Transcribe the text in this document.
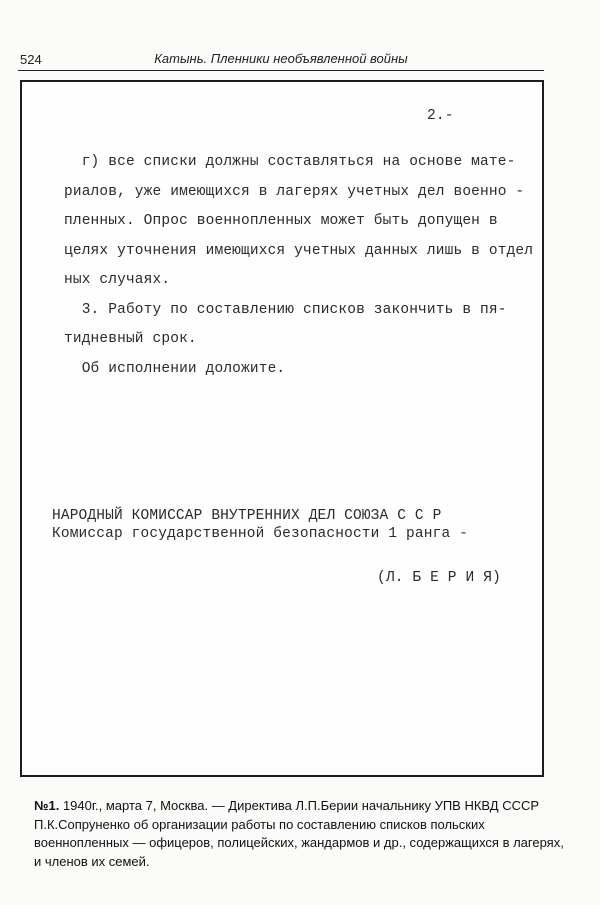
524	Катынь. Пленники необъявленной войны
2.-
г) все списки должны составляться на основе мате-
риалов, уже имеющихся в лагерях учетных дел военно -
пленных. Опрос военнопленных может быть допущен в
целях уточнения имеющихся учетных данных лишь в отдел
ных случаях.
3. Работу по составлению списков закончить в пя-
тидневный срок.
Об исполнении доложите.
НАРОДНЫЙ КОМИССАР ВНУТРЕННИХ ДЕЛ СОЮЗА С С Р
Комиссар государственной безопасности 1 ранга -
(Л. Б Е Р И Я)

№1. 1940г., марта 7, Москва. — Директива Л.П.Берии начальнику УПВ НКВД СССР П.К.Сопруненко об организации работы по составлению списков польских военнопленных — офицеров, полицейских, жандармов и др., содержащихся в лагерях, и членов их семей.
